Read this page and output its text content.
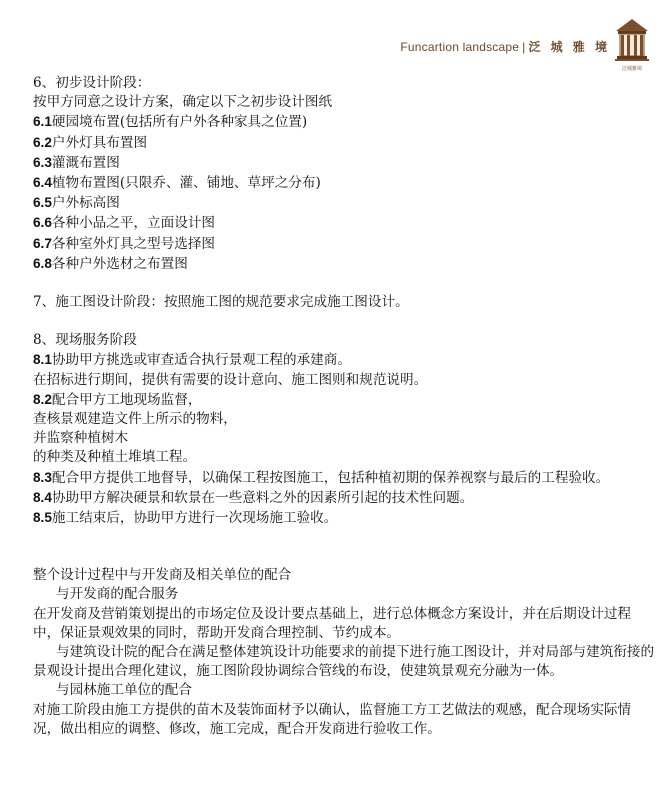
Funcartion landscape | 泛 城 雅 境
泛城雅境
6、初步设计阶段：
按甲方同意之设计方案，确定以下之初步设计图纸
6.1硬园境布置(包括所有户外各种家具之位置)
6.2户外灯具布置图
6.3灌溉布置图
6.4植物布置图(只限乔、灌、铺地、草坪之分布)
6.5户外标高图
6.6各种小品之平，立面设计图
6.7各种室外灯具之型号选择图
6.8各种户外选材之布置图
7、施工图设计阶段：按照施工图的规范要求完成施工图设计。
8、现场服务阶段
8.1协助甲方挑选或审查适合执行景观工程的承建商。
在招标进行期间，提供有需要的设计意向、施工图则和规范说明。
8.2配合甲方工地现场监督，
查核景观建造文件上所示的物料，
并监察种植树木
的种类及种植土堆填工程。
8.3配合甲方提供工地督导，以确保工程按图施工，包括种植初期的保养视察与最后的工程验收。
8.4协助甲方解决硬景和软景在一些意料之外的因素所引起的技术性问题。
8.5施工结束后，协助甲方进行一次现场施工验收。
整个设计过程中与开发商及相关单位的配合
与开发商的配合服务
在开发商及营销策划提出的市场定位及设计要点基础上，进行总体概念方案设计，并在后期设计过程中，保证景观效果的同时，帮助开发商合理控制、节约成本。
与建筑设计院的配合在满足整体建筑设计功能要求的前提下进行施工图设计，并对局部与建筑衔接的景观设计提出合理化建议，施工图阶段协调综合管线的布设，使建筑景观充分融为一体。
与园林施工单位的配合
对施工阶段由施工方提供的苗木及装饰面材予以确认，监督施工方工艺做法的观感，配合现场实际情况，做出相应的调整、修改，施工完成，配合开发商进行验收工作。
